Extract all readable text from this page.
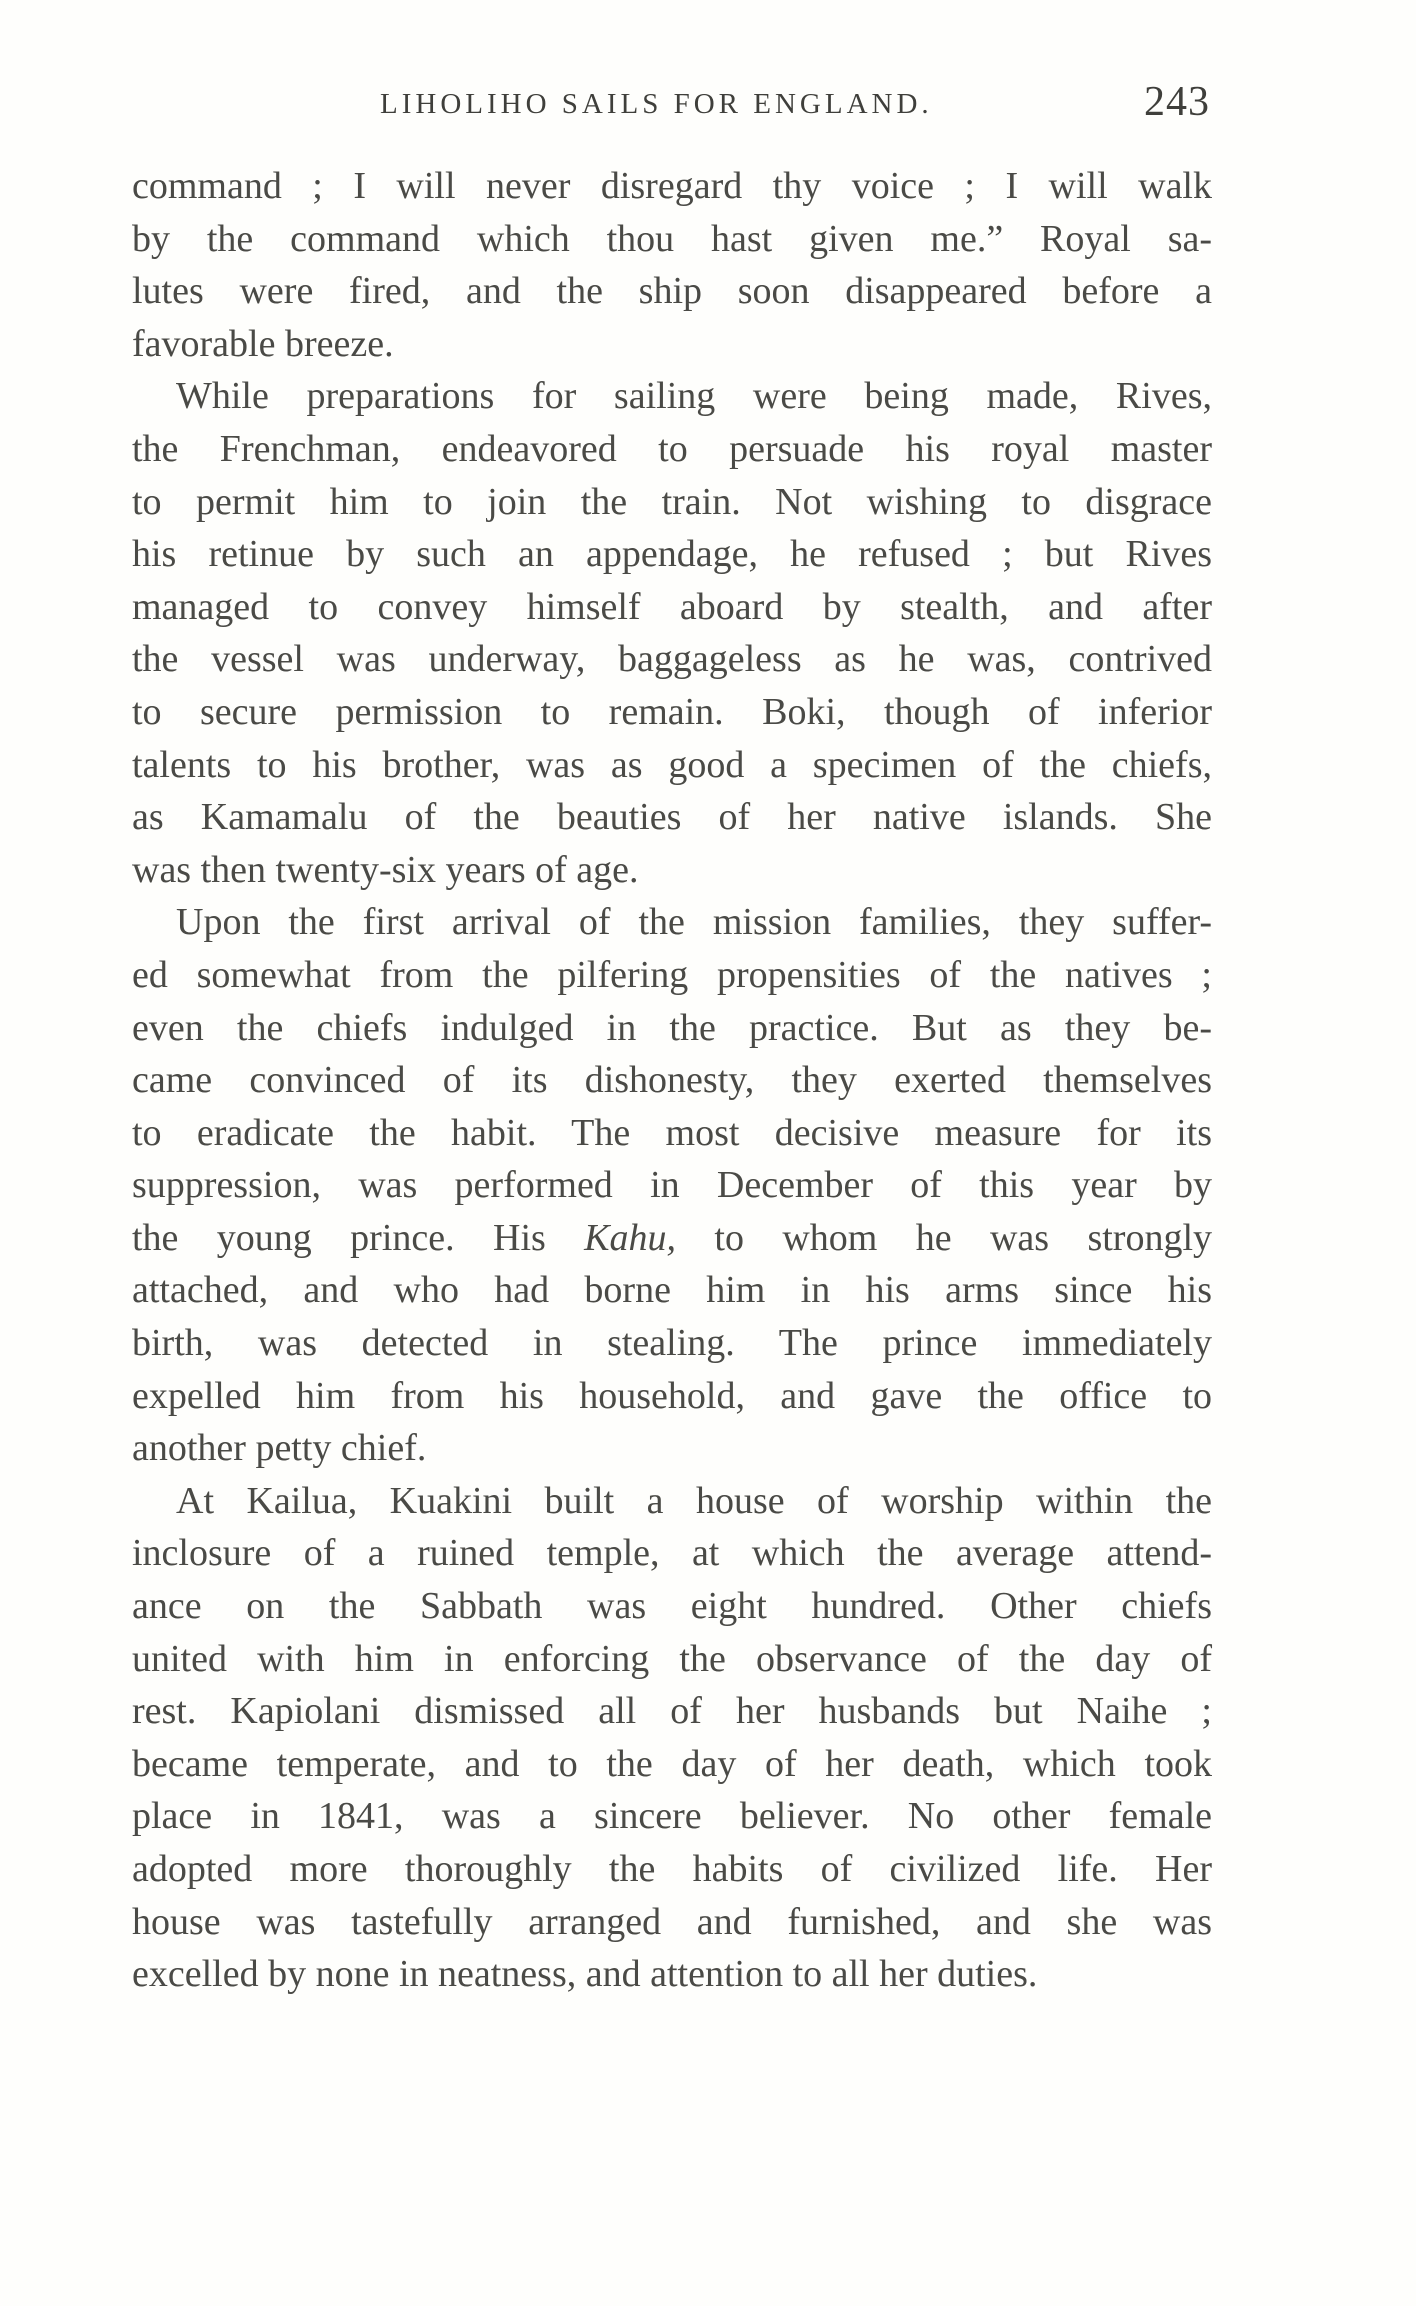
LIHOLIHO SAILS FOR ENGLAND.	243
command ; I will never disregard thy voice ; I will walk
by the command which thou hast given me.” Royal sa-
lutes were fired, and the ship soon disappeared before a
favorable breeze.
While preparations for sailing were being made, Rives,
the Frenchman, endeavored to persuade his royal master
to permit him to join the train. Not wishing to disgrace
his retinue by such an appendage, he refused ; but Rives
managed to convey himself aboard by stealth, and after
the vessel was underway, baggageless as he was, contrived
to secure permission to remain. Boki, though of inferior
talents to his brother, was as good a specimen of the chiefs,
as Kamamalu of the beauties of her native islands. She
was then twenty-six years of age.
Upon the first arrival of the mission families, they suffer-
ed somewhat from the pilfering propensities of the natives ;
even the chiefs indulged in the practice. But as they be-
came convinced of its dishonesty, they exerted themselves
to eradicate the habit. The most decisive measure for its
suppression, was performed in December of this year by
the young prince. His Kahu, to whom he was strongly
attached, and who had borne him in his arms since his
birth, was detected in stealing. The prince immediately
expelled him from his household, and gave the office to
another petty chief.
At Kailua, Kuakini built a house of worship within the
inclosure of a ruined temple, at which the average attend-
ance on the Sabbath was eight hundred. Other chiefs
united with him in enforcing the observance of the day of
rest. Kapiolani dismissed all of her husbands but Naihe ;
became temperate, and to the day of her death, which took
place in 1841, was a sincere believer. No other female
adopted more thoroughly the habits of civilized life. Her
house was tastefully arranged and furnished, and she was
excelled by none in neatness, and attention to all her duties.
